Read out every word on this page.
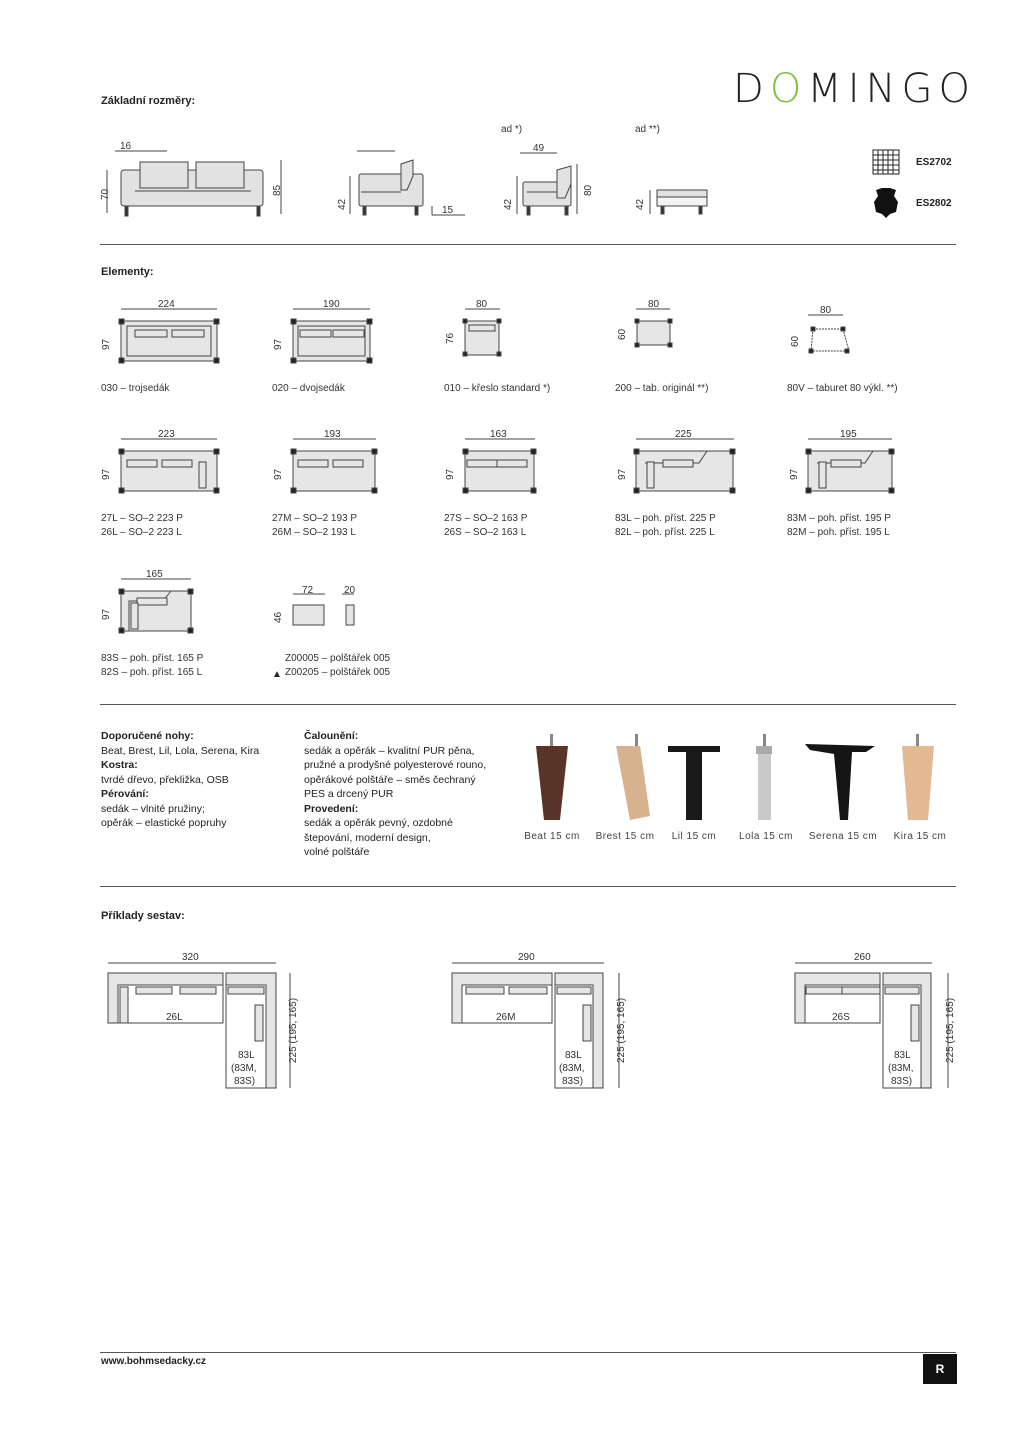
DOMINGO
Základní rozměry:
16
70	85
42
15
ad *)
49
42
80
ad **)
42
ES2702
ES2802
Elementy:
224
97
190
97
80
76
80
60
80
60
223
97
193
97
163
97
225
97
195
97
165
97
72	20
46
030 – trojsedák	020 – dvojsedák	010 – křeslo standard *)	200 – tab. originál **)	80V – taburet 80 výkl. **)
27L – SO–2 223 P
26L – SO–2 223 L
27M – SO–2 193 P
26M – SO–2 193 L
27S – SO–2 163 P
26S – SO–2 163 L
83L – poh. příst. 225 P
82L – poh. příst. 225 L
83M – poh. příst. 195 P
82M – poh. příst. 195 L
83S – poh. příst. 165 P
82S – poh. příst. 165 L
Z00005 – polštářek 005
Z00205 – polštářek 005
▲
Doporučené nohy:
Beat, Brest, Lil, Lola, Serena, Kira
Kostra:
tvrdé dřevo, překližka, OSB
Pérování:
sedák – vlnité pružiny;
opěrák – elastické popruhy
Čalounění:
sedák a opěrák – kvalitní PUR pěna,
pružné a prodyšné polyesterové rouno,
opěrákové polštáře – směs čechraný
PES a drcený PUR
Provedení:
sedák a opěrák pevný, ozdobné
štepování, moderní design,
volné polštáře
Beat 15 cm	Brest 15 cm	Lil 15 cm	Lola 15 cm	Serena 15 cm	Kira 15 cm
Příklady sestav:
320
26L
83L
(83M,
83S)
225 (195, 165)
290
26M
83L
(83M,
83S)
225 (195, 165)
260
26S
83L
(83M,
83S)
225 (195, 165)
www.bohmsedacky.cz
R
